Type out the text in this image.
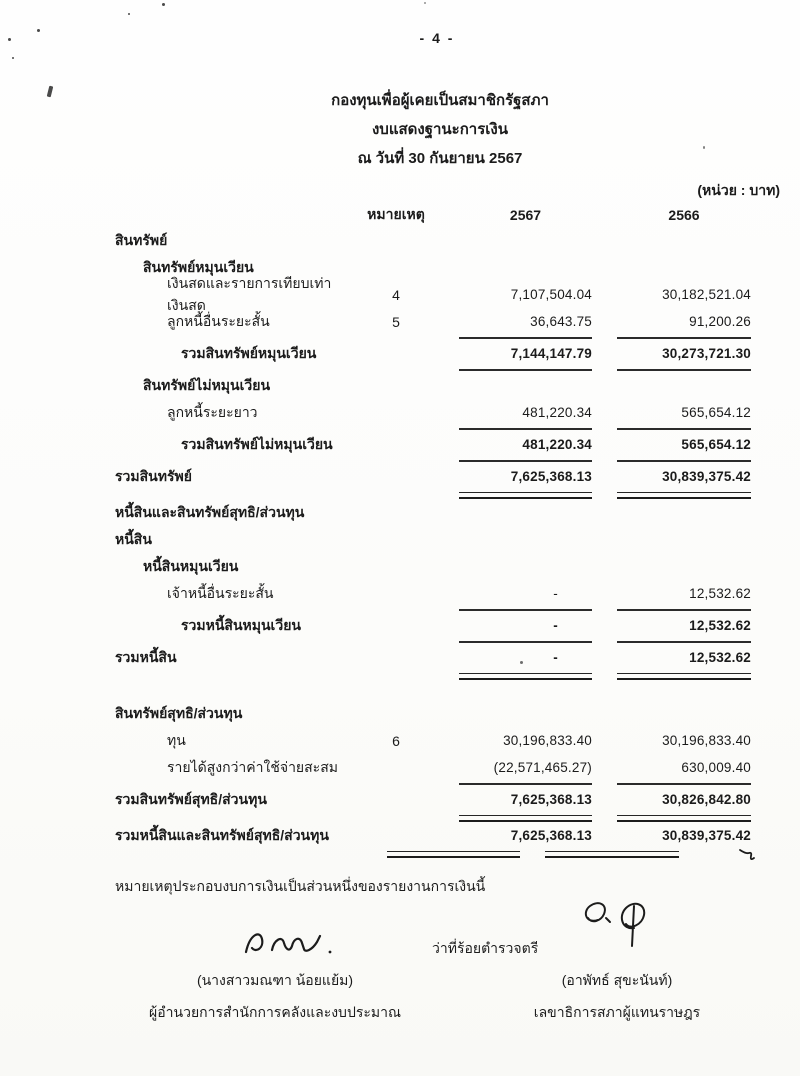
- 4 -
กองทุนเพื่อผู้เคยเป็นสมาชิกรัฐสภา
งบแสดงฐานะการเงิน
ณ วันที่ 30 กันยายน 2567
(หน่วย : บาท)
หมายเหตุ	2567	2566
สินทรัพย์
สินทรัพย์หมุนเวียน
เงินสดและรายการเทียบเท่าเงินสด
4	7,107,504.04	30,182,521.04
ลูกหนี้อื่นระยะสั้น	5	36,643.75	91,200.26
รวมสินทรัพย์หมุนเวียน	7,144,147.79	30,273,721.30
สินทรัพย์ไม่หมุนเวียน
ลูกหนี้ระยะยาว	481,220.34	565,654.12
รวมสินทรัพย์ไม่หมุนเวียน	481,220.34	565,654.12
รวมสินทรัพย์	7,625,368.13	30,839,375.42
หนี้สินและสินทรัพย์สุทธิ/ส่วนทุน
หนี้สิน
หนี้สินหมุนเวียน
เจ้าหนี้อื่นระยะสั้น	-	12,532.62
รวมหนี้สินหมุนเวียน	-	12,532.62
รวมหนี้สิน	-	12,532.62
สินทรัพย์สุทธิ/ส่วนทุน
ทุน	6	30,196,833.40	30,196,833.40
รายได้สูงกว่าค่าใช้จ่ายสะสม	(22,571,465.27)	630,009.40
รวมสินทรัพย์สุทธิ/ส่วนทุน	7,625,368.13	30,826,842.80
รวมหนี้สินและสินทรัพย์สุทธิ/ส่วนทุน	7,625,368.13	30,839,375.42
หมายเหตุประกอบงบการเงินเป็นส่วนหนึ่งของรายงานการเงินนี้
ว่าที่ร้อยตำรวจตรี
(นางสาวมณฑา น้อยแย้ม)
ผู้อำนวยการสำนักการคลังและงบประมาณ
(อาพัทธ์ สุขะนันท์)
เลขาธิการสภาผู้แทนราษฎร
